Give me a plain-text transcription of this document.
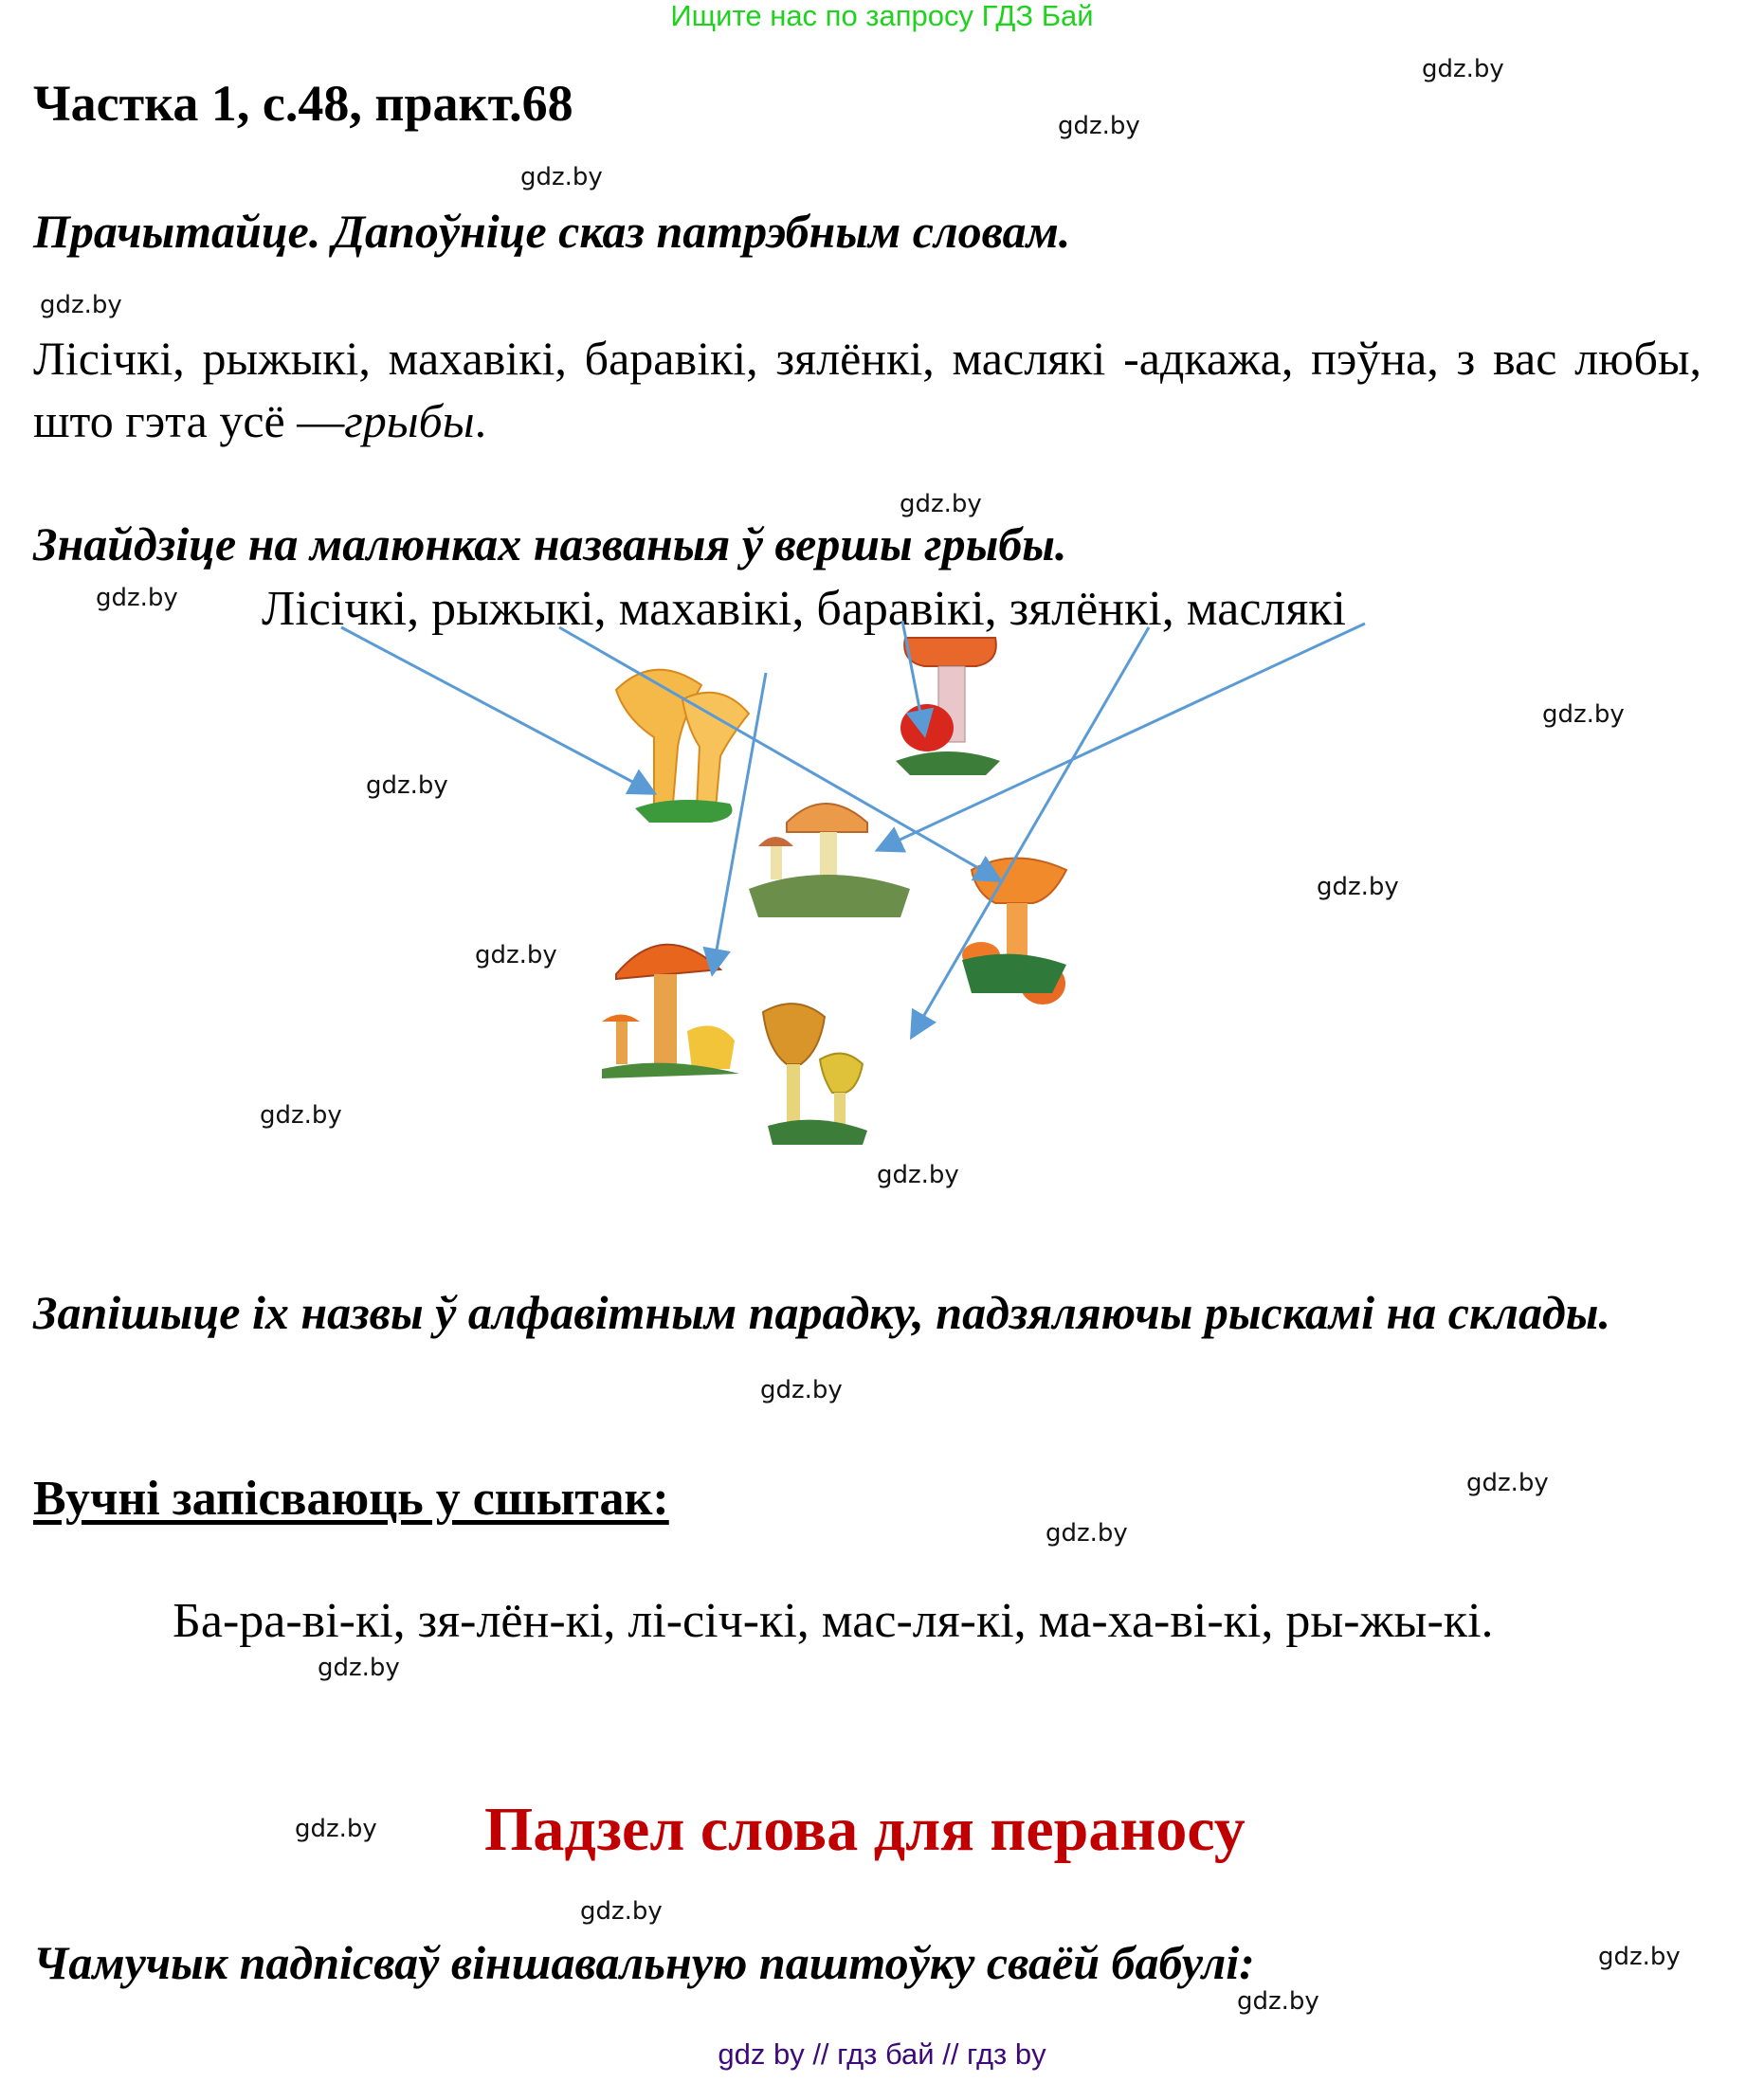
Ищите нас по запросу ГДЗ Бай
gdz.by
gdz.by
gdz.by
gdz.by
gdz.by
gdz.by
gdz.by
gdz.by
gdz.by
gdz.by
gdz.by
gdz.by
gdz.by
gdz.by
gdz.by
gdz.by
gdz.by
gdz.by
gdz.by
gdz.by
Частка 1, с.48, практ.68
Прачытайце. Дапоўніце сказ патрэбным словам.
Лісічкі, рыжыкі, махавікі, баравікі, зялёнкі, маслякі -адкажа, пэўна, з вас любы, што гэта усё —грыбы.
Знайдзіце на малюнках названыя ў вершы грыбы.
Лісічкі, рыжыкі, махавікі, баравікі, зялёнкі, маслякі
Запішыце іх назвы ў алфавітным парадку, падзяляючы рыскамі на склады.
Вучні запісваюць у сшытак:
Ба-ра-ві-кі, зя-лён-кі, лі-січ-кі, мас-ля-кі, ма-ха-ві-кі, ры-жы-кі.
Падзел слова для пераносу
Чамучык падпісваў віншавальную паштоўку сваёй бабулі:
gdz by // гдз бай // гдз by
